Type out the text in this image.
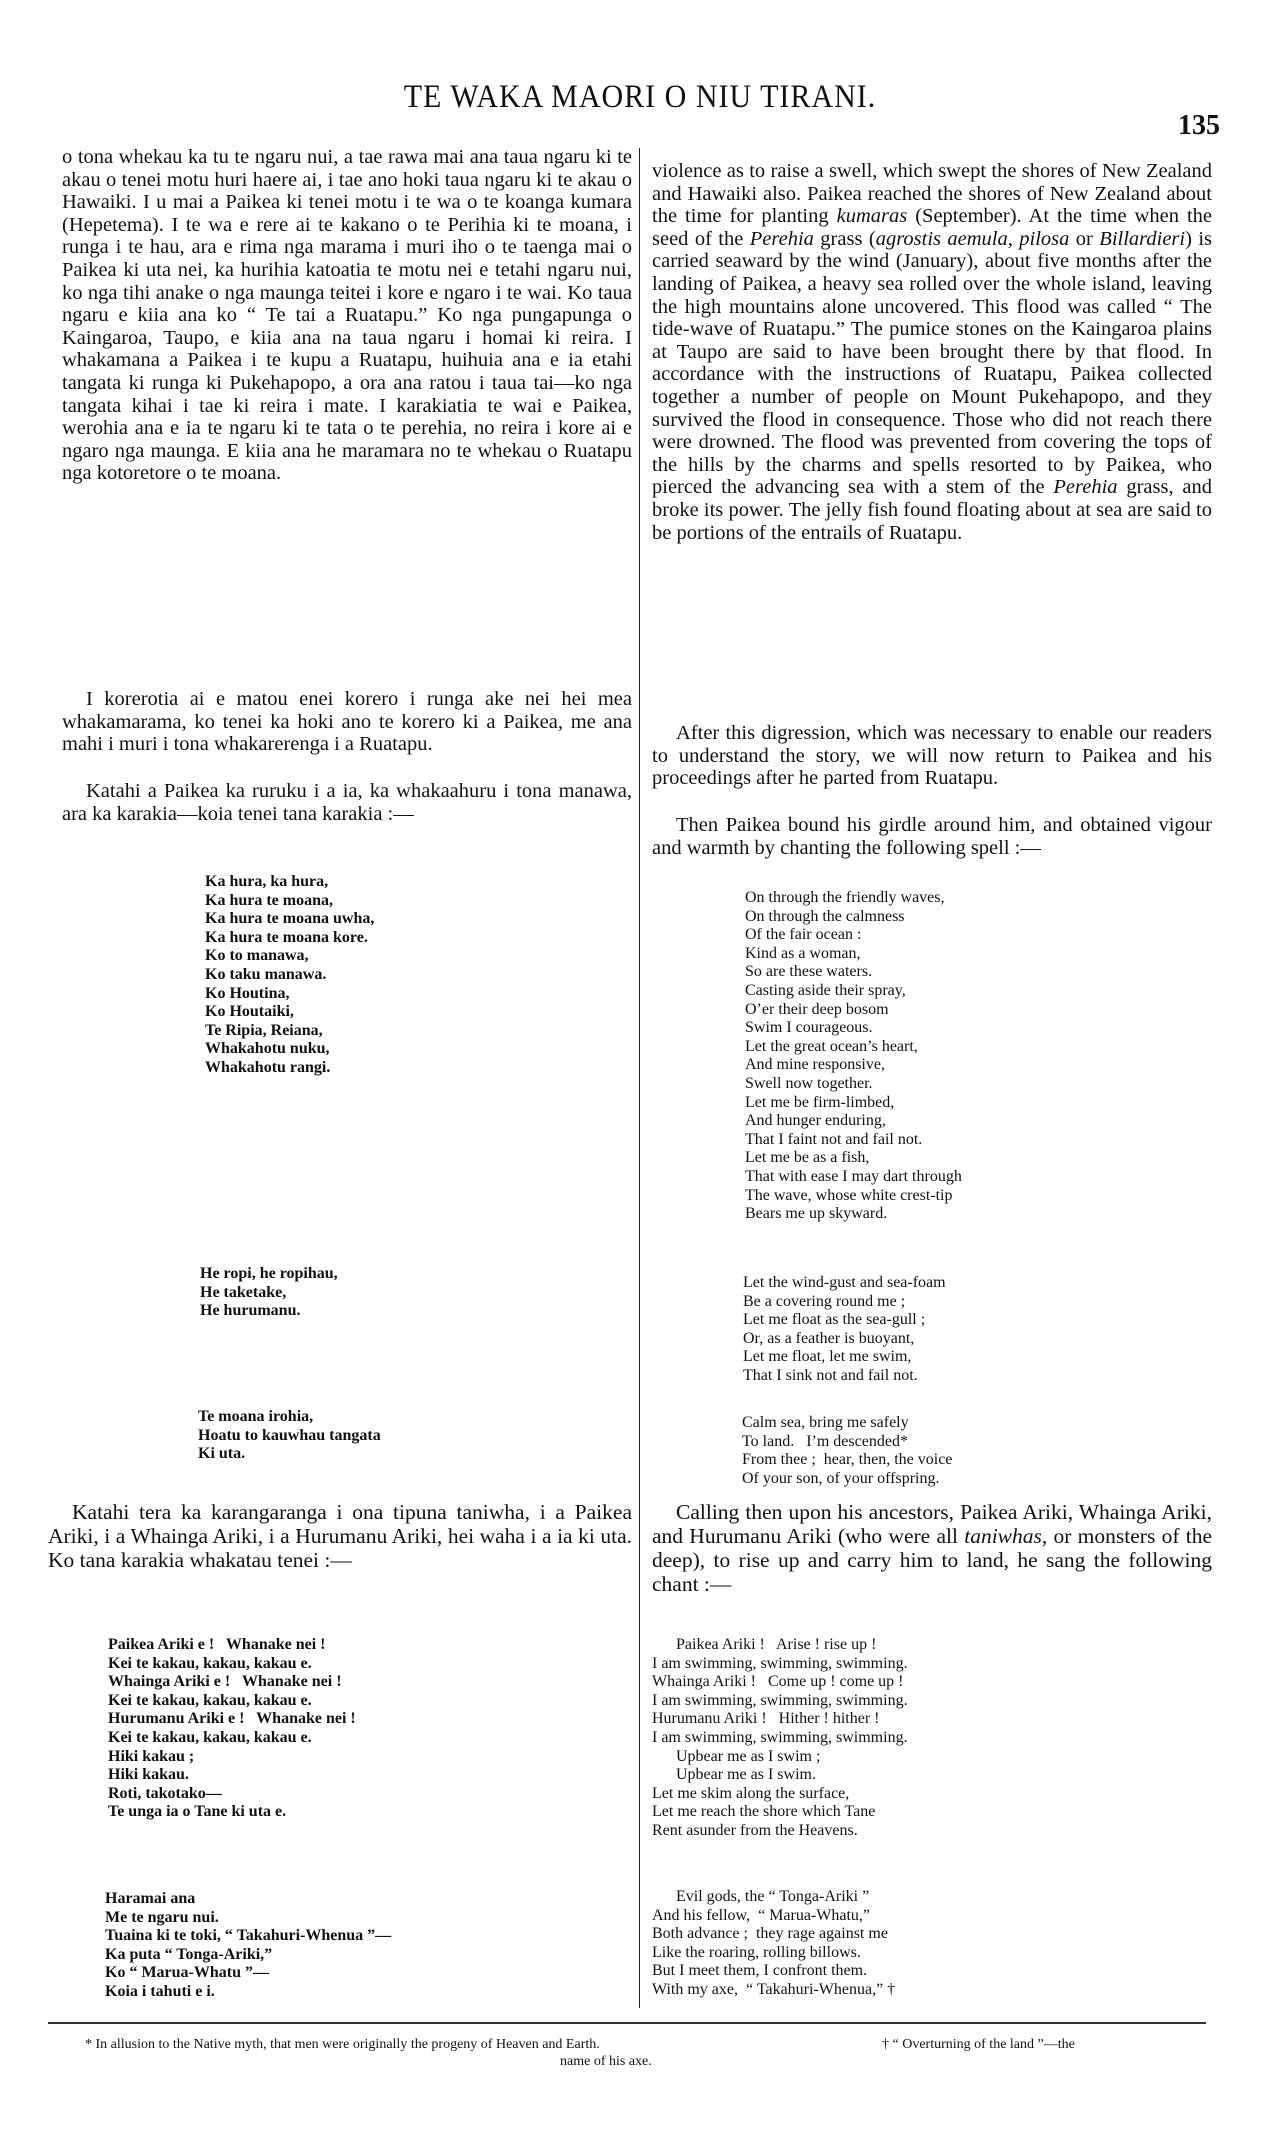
TE WAKA MAORI O NIU TIRANI.
135

o tona whekau ka tu te ngaru nui, a tae rawa mai ana taua ngaru ki te akau o tenei motu huri haere ai, i tae ano hoki taua ngaru ki te akau o Hawaiki. I u mai a Paikea ki tenei motu i te wa o te koanga kumara (Hepetema). I te wa e rere ai te kakano o te Perihia ki te moana, i runga i te hau, ara e rima nga marama i muri iho o te taenga mai o Paikea ki uta nei, ka hurihia katoatia te motu nei e tetahi ngaru nui, ko nga tihi anake o nga maunga teitei i kore e ngaro i te wai. Ko taua ngaru e kiia ana ko “ Te tai a Ruatapu.” Ko nga pungapunga o Kaingaroa, Taupo, e kiia ana na taua ngaru i homai ki reira. I whakamana a Paikea i te kupu a Ruatapu, huihuia ana e ia etahi tangata ki runga ki Pukehapopo, a ora ana ratou i taua tai—ko nga tangata kihai i tae ki reira i mate. I karakiatia te wai e Paikea, werohia ana e ia te ngaru ki te tata o te perehia, no reira i kore ai e ngaro nga maunga. E kiia ana he maramara no te whekau o Ruatapu nga kotoretore o te moana.

I korerotia ai e matou enei korero i runga ake nei hei mea whakamarama, ko tenei ka hoki ano te korero ki a Paikea, me ana mahi i muri i tona whakarerenga i a Ruatapu.

Katahi a Paikea ka ruruku i a ia, ka whakaahuru i tona manawa, ara ka karakia—koia tenei tana karakia :—

Ka hura, ka hura,
Ka hura te moana,
Ka hura te moana uwha,
Ka hura te moana kore.
Ko to manawa,
Ko taku manawa.
Ko Houtina,
Ko Houtaiki,
Te Ripia, Reiana,
Whakahotu nuku,
Whakahotu rangi.
He ropi, he ropihau,
He taketake,
He hurumanu.
Te moana irohia,
Hoatu to kauwhau tangata
Ki uta.

Katahi tera ka karangaranga i ona tipuna taniwha, i a Paikea Ariki, i a Whainga Ariki, i a Hurumanu Ariki, hei waha i a ia ki uta. Ko tana karakia whakatau tenei :—

Paikea Ariki e !   Whanake nei !
Kei te kakau, kakau, kakau e.
Whainga Ariki e !   Whanake nei !
Kei te kakau, kakau, kakau e.
Hurumanu Ariki e !   Whanake nei !
Kei te kakau, kakau, kakau e.
Hiki kakau ;
Hiki kakau.
Roti, takotako—
Te unga ia o Tane ki uta e.
Haramai ana
Me te ngaru nui.
Tuaina ki te toki, “ Takahuri-Whenua ”—
Ka puta “ Tonga-Ariki,”
Ko “ Marua-Whatu ”—
Koia i tahuti e i.

violence as to raise a swell, which swept the shores of New Zealand and Hawaiki also. Paikea reached the shores of New Zealand about the time for planting kumaras (September). At the time when the seed of the Perehia grass (agrostis aemula, pilosa or Billardieri) is carried seaward by the wind (January), about five months after the landing of Paikea, a heavy sea rolled over the whole island, leaving the high mountains alone uncovered. This flood was called “ The tide-wave of Ruatapu.” The pumice stones on the Kaingaroa plains at Taupo are said to have been brought there by that flood. In accordance with the instructions of Ruatapu, Paikea collected together a number of people on Mount Pukehapopo, and they survived the flood in consequence. Those who did not reach there were drowned. The flood was prevented from covering the tops of the hills by the charms and spells resorted to by Paikea, who pierced the advancing sea with a stem of the Perehia grass, and broke its power. The jelly fish found floating about at sea are said to be portions of the entrails of Ruatapu.

After this digression, which was necessary to enable our readers to understand the story, we will now return to Paikea and his proceedings after he parted from Ruatapu.

Then Paikea bound his girdle around him, and obtained vigour and warmth by chanting the following spell :—

On through the friendly waves,
On through the calmness
Of the fair ocean :
Kind as a woman,
So are these waters.
Casting aside their spray,
O’er their deep bosom
Swim I courageous.
Let the great ocean’s heart,
And mine responsive,
Swell now together.
Let me be firm-limbed,
And hunger enduring,
That I faint not and fail not.
Let me be as a fish,
That with ease I may dart through
The wave, whose white crest-tip
Bears me up skyward.
Let the wind-gust and sea-foam
Be a covering round me ;
Let me float as the sea-gull ;
Or, as a feather is buoyant,
Let me float, let me swim,
That I sink not and fail not.
Calm sea, bring me safely
To land.   I’m descended*
From thee ;  hear, then, the voice
Of your son, of your offspring.

Calling then upon his ancestors, Paikea Ariki, Whainga Ariki, and Hurumanu Ariki (who were all taniwhas, or monsters of the deep), to rise up and carry him to land, he sang the following chant :—

Paikea Ariki !   Arise ! rise up !
I am swimming, swimming, swimming.
Whainga Ariki !   Come up ! come up !
I am swimming, swimming, swimming.
Hurumanu Ariki !   Hither ! hither !
I am swimming, swimming, swimming.
Upbear me as I swim ;
Upbear me as I swim.
Let me skim along the surface,
Let me reach the shore which Tane
Rent asunder from the Heavens.
Evil gods, the “ Tonga-Ariki ”
And his fellow,  “ Marua-Whatu,”
Both advance ;  they rage against me
Like the roaring, rolling billows.
But I meet them, I confront them.
With my axe,  “ Takahuri-Whenua,” †
* In allusion to the Native myth, that men were originally the progeny of Heaven and Earth.	† “ Overturning of the land ”—the
name of his axe.
